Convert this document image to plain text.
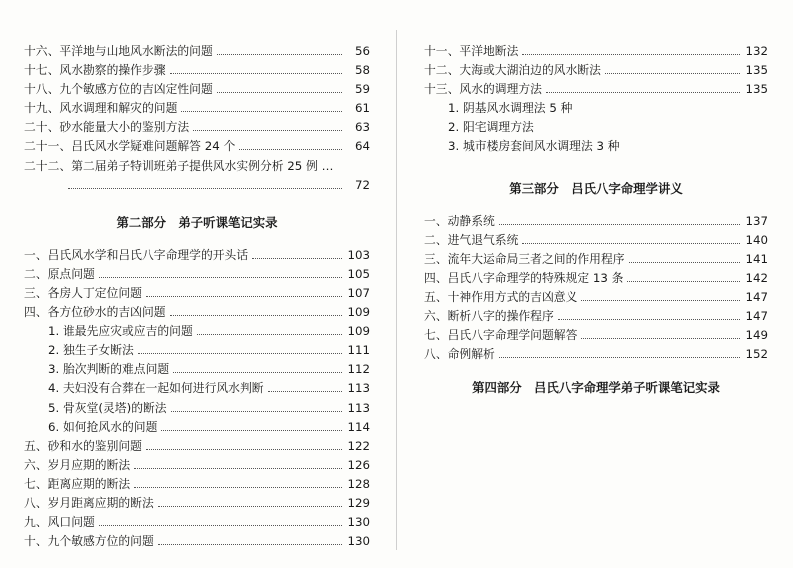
十六、平洋地与山地风水断法的问题	56
十七、风水勘察的操作步骤	58
十八、九个敏感方位的吉凶定性问题	59
十九、风水调理和解灾的问题	61
二十、砂水能量大小的鉴别方法	63
二十一、吕氏风水学疑难问题解答 24 个	64
二十二、第二届弟子特训班弟子提供风水实例分析 25 例 …
72
第二部分　弟子听课笔记实录
一、吕氏风水学和吕氏八字命理学的开头话	103
二、原点问题	105
三、各房人丁定位问题	107
四、各方位砂水的吉凶问题	109
1. 谁最先应灾或应吉的问题	109
2. 独生子女断法	111
3. 胎次判断的难点问题	112
4. 夫妇没有合葬在一起如何进行风水判断	113
5. 骨灰堂(灵塔)的断法	113
6. 如何抢风水的问题	114
五、砂和水的鉴别问题	122
六、岁月应期的断法	126
七、距离应期的断法	128
八、岁月距离应期的断法	129
九、风口问题	130
十、九个敏感方位的问题	130
十一、平洋地断法	132
十二、大海或大湖泊边的风水断法	135
十三、风水的调理方法	135
1. 阴基风水调理法 5 种
2. 阳宅调理方法
3. 城市楼房套间风水调理法 3 种
第三部分　吕氏八字命理学讲义
一、动静系统	137
二、进气退气系统	140
三、流年大运命局三者之间的作用程序	141
四、吕氏八字命理学的特殊规定 13 条	142
五、十神作用方式的吉凶意义	147
六、断析八字的操作程序	147
七、吕氏八字命理学问题解答	149
八、命例解析	152
第四部分　吕氏八字命理学弟子听课笔记实录
